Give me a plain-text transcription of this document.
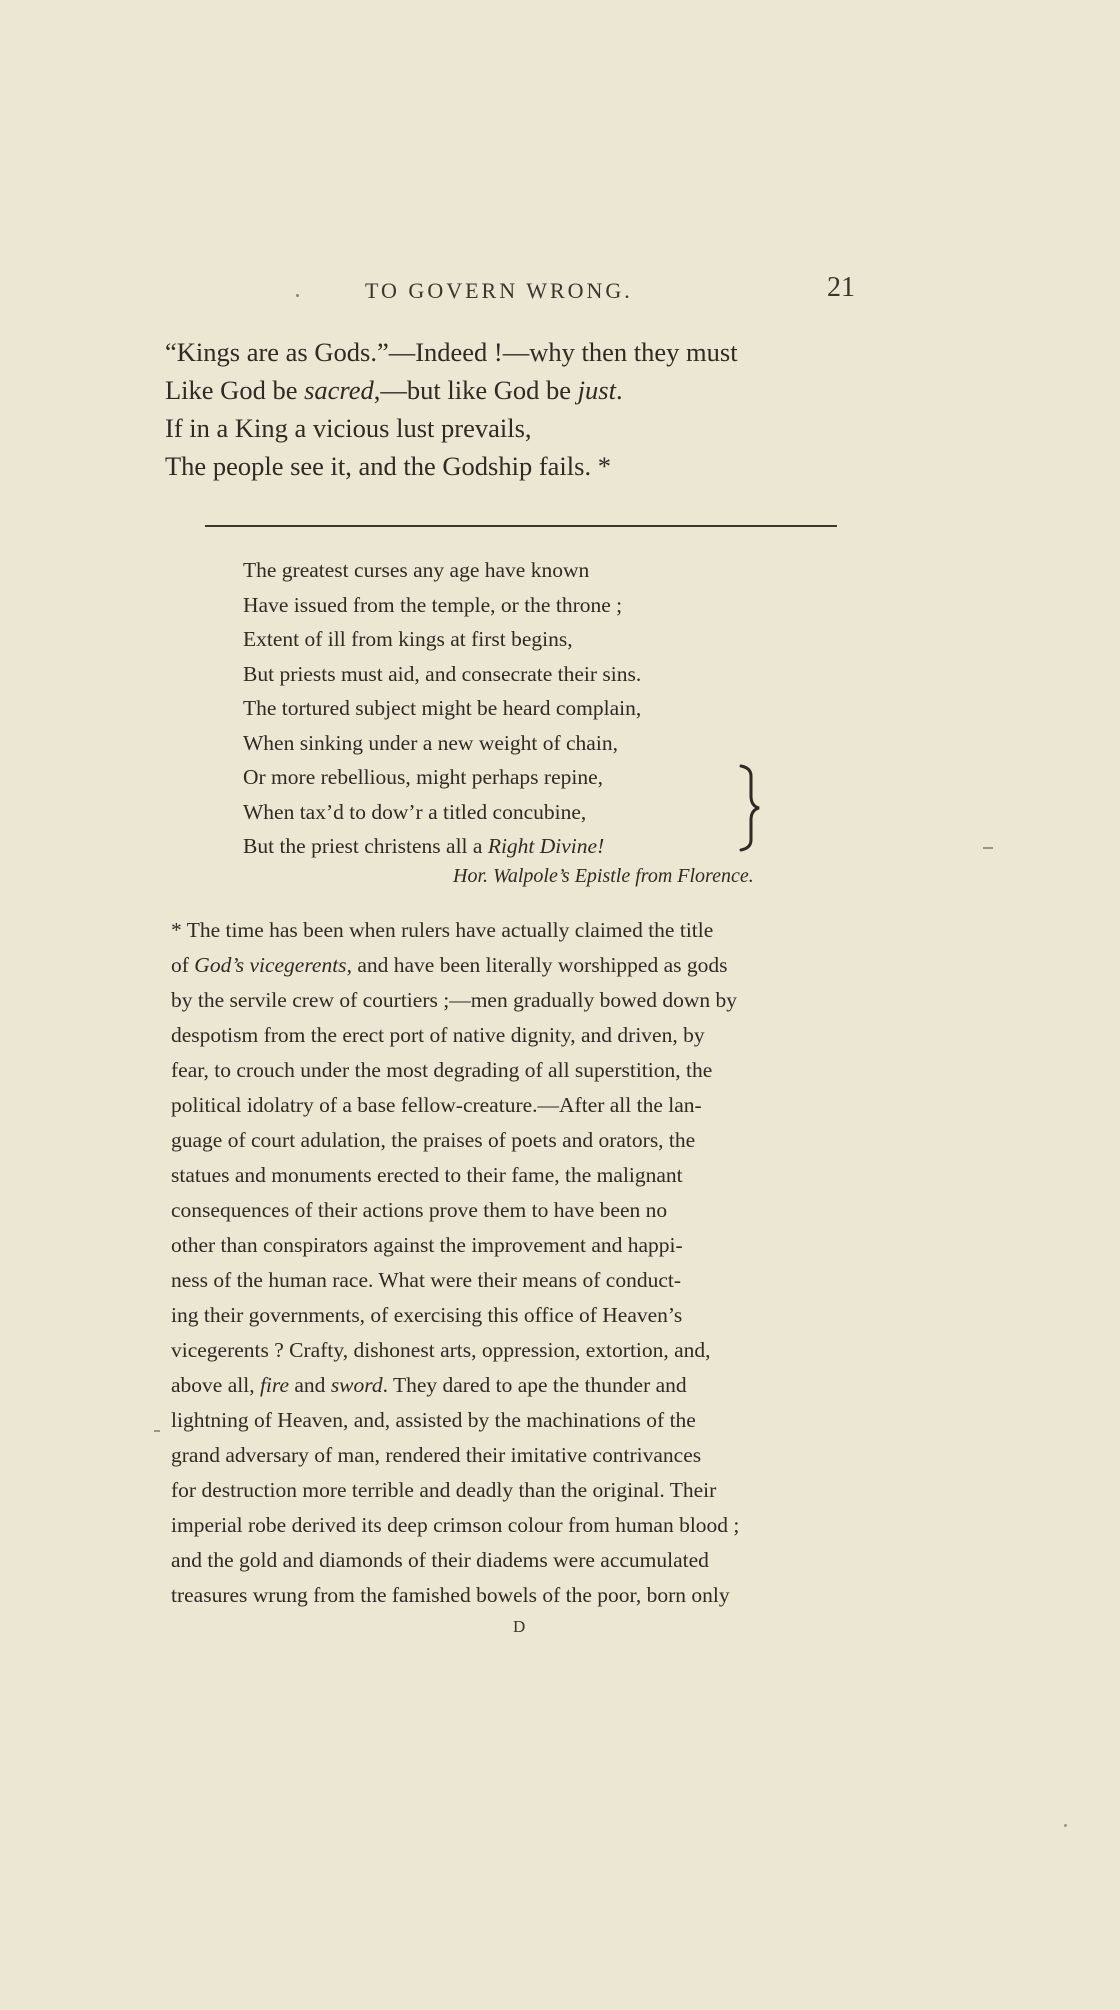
TO GOVERN WRONG.	21
“Kings are as Gods.”—Indeed !—why then they must
Like God be sacred,—but like God be just.
If in a King a vicious lust prevails,
The people see it, and the Godship fails. *
The greatest curses any age have known
Have issued from the temple, or the throne ;
Extent of ill from kings at first begins,
But priests must aid, and consecrate their sins.
The tortured subject might be heard complain,
When sinking under a new weight of chain,
Or more rebellious, might perhaps repine,
When tax’d to dow’r a titled concubine,
But the priest christens all a Right Divine!
Hor. Walpole’s Epistle from Florence.
* The time has been when rulers have actually claimed the title
of God’s vicegerents, and have been literally worshipped as gods
by the servile crew of courtiers ;—men gradually bowed down by
despotism from the erect port of native dignity, and driven, by
fear, to crouch under the most degrading of all superstition, the
political idolatry of a base fellow-creature.—After all the lan-
guage of court adulation, the praises of poets and orators, the
statues and monuments erected to their fame, the malignant
consequences of their actions prove them to have been no
other than conspirators against the improvement and happi-
ness of the human race. What were their means of conduct-
ing their governments, of exercising this office of Heaven’s
vicegerents ? Crafty, dishonest arts, oppression, extortion, and,
above all, fire and sword. They dared to ape the thunder and
lightning of Heaven, and, assisted by the machinations of the
grand adversary of man, rendered their imitative contrivances
for destruction more terrible and deadly than the original. Their
imperial robe derived its deep crimson colour from human blood ;
and the gold and diamonds of their diadems were accumulated
treasures wrung from the famished bowels of the poor, born only
D
